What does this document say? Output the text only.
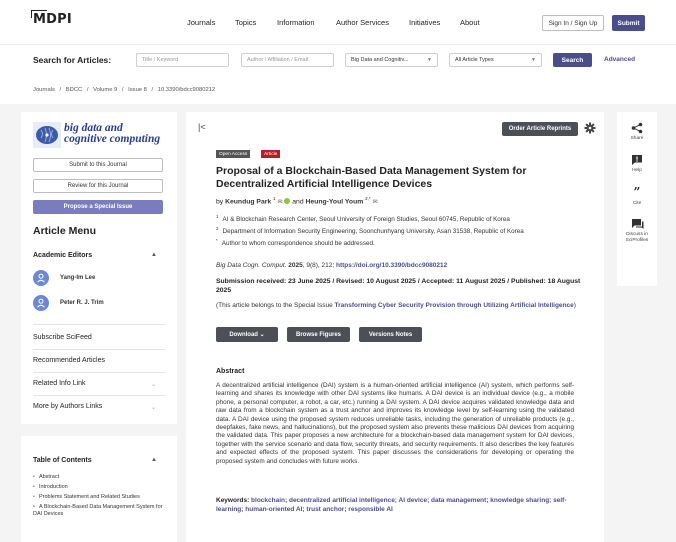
MDPI	Journals	Topics	Information	Author Services	Initiatives	About	Sign In / Sign Up	Submit
Search for Articles:	Title / Keyword	Author / Affiliation / Email	Big Data and Cognitiv...	▼	All Article Types	▼	Search	Advanced
Journals / BDCC / Volume 9 / Issue 8 / 10.3390/bdcc9080212
big data and
cognitive computing
Submit to this Journal
Review for this Journal
Propose a Special Issue
Article Menu
Academic Editors	▲
Yang-Im Lee
Peter R. J. Trim
Subscribe SciFeed
Recommended Articles
Related Info Link	⌄
More by Authors Links	⌄
Table of Contents	▲
▪ Abstract
▪ Introduction
▪ Problems Statement and Related Studies
▪ A Blockchain-Based Data Management System for DAI Devices
|<	Order Article Reprints
Open Access	Article
Proposal of a Blockchain-Based Data Management System for Decentralized Artificial Intelligence Devices
by Keundug Park $^1$ ✉ and Heung-Youl Youm $^{2,*}$ ✉
$^1$ AI & Blockchain Research Center, Seoul University of Foreign Studies, Seoul 60745, Republic of Korea
$^2$ Department of Information Security Engineering, Soonchunhyang University, Asan 31538, Republic of Korea
* Author to whom correspondence should be addressed.
Big Data Cogn. Comput. 2025, 9(8), 212; https://doi.org/10.3390/bdcc9080212
Submission received: 23 June 2025 / Revised: 10 August 2025 / Accepted: 11 August 2025 / Published: 18 August 2025
(This article belongs to the Special Issue Transforming Cyber Security Provision through Utilizing Artificial Intelligence)
Download
⌄	Browse Figures	Versions Notes
Abstract
A decentralized artificial intelligence (DAI) system is a human-oriented artificial intelligence (AI) system, which performs self-learning and shares its knowledge with other DAI systems like humans. A DAI device is an individual device (e.g., a mobile phone, a personal computer, a robot, a car, etc.) running a DAI system. A DAI device acquires validated knowledge data and raw data from a blockchain system as a trust anchor and improves its knowledge level by self-learning using the validated data. A DAI device using the proposed system reduces unreliable tasks, including the generation of unreliable products (e.g., deepfakes, fake news, and hallucinations), but the proposed system also prevents these malicious DAI devices from acquiring the validated data. This paper proposes a new architecture for a blockchain-based data management system for DAI devices, together with the service scenario and data flow, security threats, and security requirements. It also describes the key features and expected effects of the proposed system. This paper discusses the considerations for developing or operating the proposed system and concludes with future works.
Keywords: blockchain; decentralized artificial intelligence; AI device; data management; knowledge sharing; self-learning; human-oriented AI; trust anchor; responsible AI
Share
Help
”
Cite
Discuss in SciProfiles
